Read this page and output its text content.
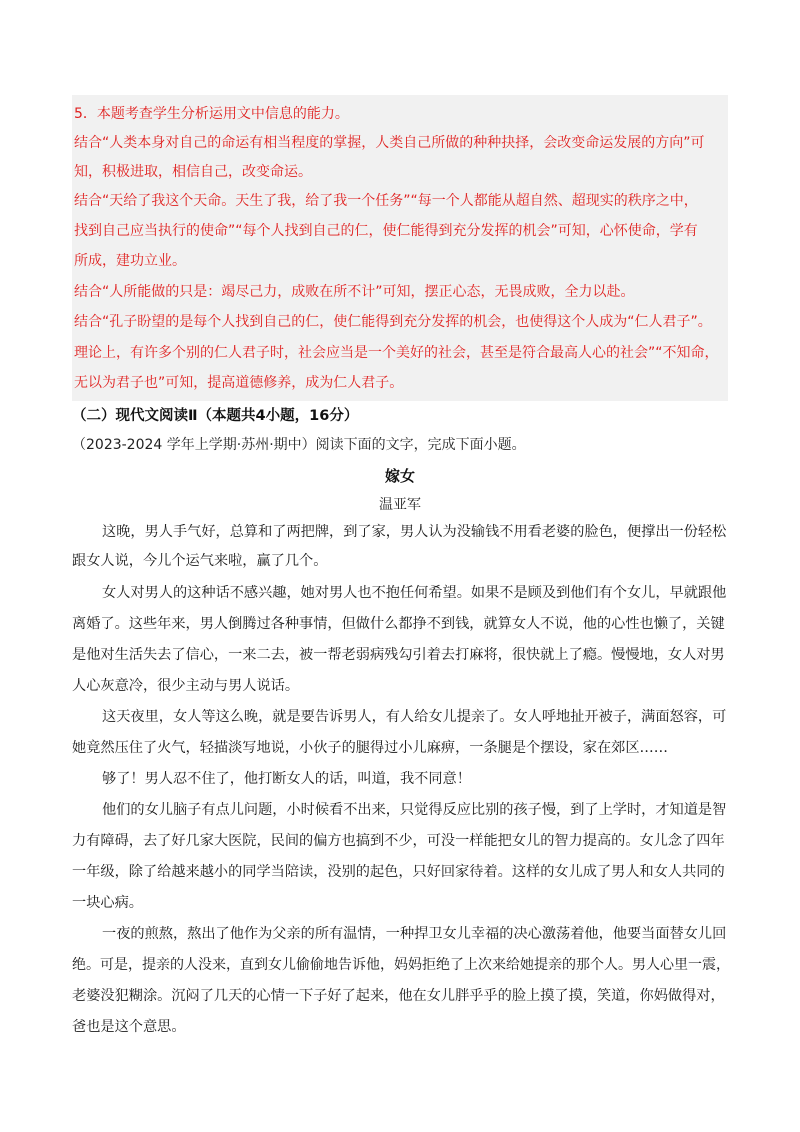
5．本题考查学生分析运用文中信息的能力。
结合“人类本身对自己的命运有相当程度的掌握，人类自己所做的种种抉择，会改变命运发展的方向”可
知，积极进取，相信自己，改变命运。
结合“天给了我这个天命。天生了我，给了我一个任务”“每一个人都能从超自然、超现实的秩序之中，
找到自己应当执行的使命”“每个人找到自己的仁，使仁能得到充分发挥的机会”可知，心怀使命，学有
所成，建功立业。
结合“人所能做的只是：竭尽己力，成败在所不计”可知，摆正心态，无畏成败，全力以赴。
结合“孔子盼望的是每个人找到自己的仁，使仁能得到充分发挥的机会，也使得这个人成为“仁人君子”。
理论上，有许多个别的仁人君子时，社会应当是一个美好的社会，甚至是符合最高人心的社会”“不知命，
无以为君子也”可知，提高道德修养，成为仁人君子。
（二）现代文阅读Ⅱ（本题共4小题，16分）
（2023-2024 学年上学期·苏州·期中）阅读下面的文字，完成下面小题。
嫁女
温亚军
这晚，男人手气好，总算和了两把牌，到了家，男人认为没输钱不用看老婆的脸色，便撑出一份轻松
跟女人说，今儿个运气来啦，赢了几个。
女人对男人的这种话不感兴趣，她对男人也不抱任何希望。如果不是顾及到他们有个女儿，早就跟他
离婚了。这些年来，男人倒腾过各种事情，但做什么都挣不到钱，就算女人不说，他的心性也懒了，关键
是他对生活失去了信心，一来二去，被一帮老弱病残勾引着去打麻将，很快就上了瘾。慢慢地，女人对男
人心灰意冷，很少主动与男人说话。
这天夜里，女人等这么晚，就是要告诉男人，有人给女儿提亲了。女人呼地扯开被子，满面怒容，可
她竟然压住了火气，轻描淡写地说，小伙子的腿得过小儿麻痹，一条腿是个摆设，家在郊区……
够了！男人忍不住了，他打断女人的话，叫道，我不同意！
他们的女儿脑子有点儿问题，小时候看不出来，只觉得反应比别的孩子慢，到了上学时，才知道是智
力有障碍，去了好几家大医院，民间的偏方也搞到不少，可没一样能把女儿的智力提高的。女儿念了四年
一年级，除了给越来越小的同学当陪读，没别的起色，只好回家待着。这样的女儿成了男人和女人共同的
一块心病。
一夜的煎熬，熬出了他作为父亲的所有温情，一种捍卫女儿幸福的决心激荡着他，他要当面替女儿回
绝。可是，提亲的人没来，直到女儿偷偷地告诉他，妈妈拒绝了上次来给她提亲的那个人。男人心里一震，
老婆没犯糊涂。沉闷了几天的心情一下子好了起来，他在女儿胖乎乎的脸上摸了摸，笑道，你妈做得对，
爸也是这个意思。
